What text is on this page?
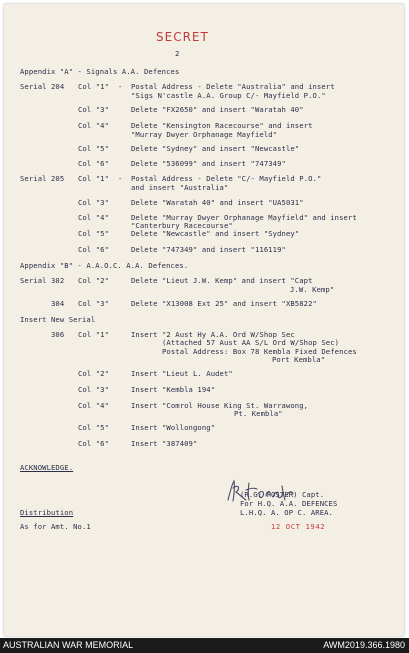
SECRET
2
Appendix "A" - Signals A.A. Defences
Serial 204 Col "1" - Postal Address - Delete "Australia" and insert
"Sigs N'castle A.A. Group C/- Mayfield P.O."
Col "3"	Delete "FX2650" and insert "Waratah 40"
Col "4"	Delete "Kensington Racecourse" and insert
"Murray Dwyer Orphanage Mayfield"
Col "5"	Delete "Sydney" and insert "Newcastle"
Col "6"	Delete "536099" and insert "747349"
Serial 205 Col "1" - Postal Address - Delete "C/- Mayfield P.O."
and insert "Australia"
Col "3"	Delete "Waratah 40" and insert "UA5031"
Col "4"	Delete "Murray Dwyer Orphanage Mayfield" and insert
"Canterbury Racecourse"
Col "5"	Delete "Newcastle" and insert "Sydney"
Col "6"	Delete "747349" and insert "116119"
Appendix "B" - A.A.O.C. A.A. Defences.
Serial 302 Col "2"	Delete "Lieut J.W. Kemp" and insert "Capt
J.W. Kemp"
304 Col "3"	Delete "X13008 Ext 25" and insert "XB5822"
Insert New Serial
306 Col "1"	Insert "2 Aust Hy A.A. Ord W/Shop Sec
(Attached 57 Aust AA S/L Ord W/Shop Sec)
Postal Address: Box 78 Kembla Fixed Defences
Port Kembla"
Col "2"	Insert "Lieut L. Audet"
Col "3"	Insert "Kembla 194"
Col "4"	Insert "Comrol House King St. Warrawong,
Pt. Kembla"
Col "5"	Insert "Wollongong"
Col "6"	Insert "387409"
ACKNOWLEDGE.
Distribution
As for Amt. No.1
(R.G. FOSTER) Capt.
For H.Q. A.A. DEFENCES
L.H.Q. A. OP C. AREA.
12 OCT 1942
AUSTRALIAN WAR MEMORIAL	AWM2019.366.1980
